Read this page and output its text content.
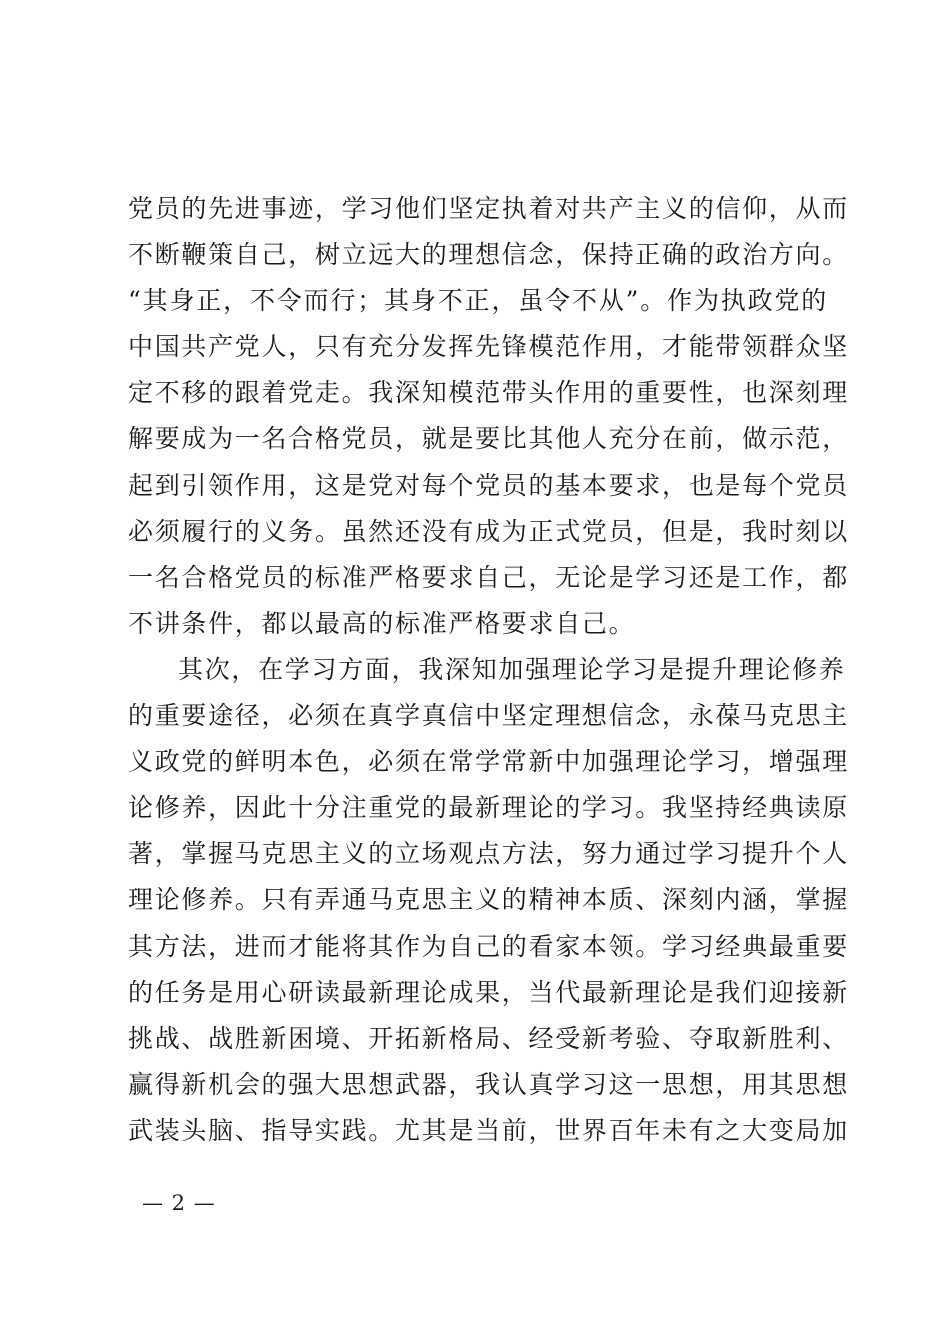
党员的先进事迹，学习他们坚定执着对共产主义的信仰，从而
不断鞭策自己，树立远大的理想信念，保持正确的政治方向。
“其身正，不令而行；其身不正，虽令不从”。作为执政党的
中国共产党人，只有充分发挥先锋模范作用，才能带领群众坚
定不移的跟着党走。我深知模范带头作用的重要性，也深刻理
解要成为一名合格党员，就是要比其他人充分在前，做示范，
起到引领作用，这是党对每个党员的基本要求，也是每个党员
必须履行的义务。虽然还没有成为正式党员，但是，我时刻以
一名合格党员的标准严格要求自己，无论是学习还是工作，都
不讲条件，都以最高的标准严格要求自己。
其次，在学习方面，我深知加强理论学习是提升理论修养
的重要途径，必须在真学真信中坚定理想信念，永葆马克思主
义政党的鲜明本色，必须在常学常新中加强理论学习，增强理
论修养，因此十分注重党的最新理论的学习。我坚持经典读原
著，掌握马克思主义的立场观点方法，努力通过学习提升个人
理论修养。只有弄通马克思主义的精神本质、深刻内涵，掌握
其方法，进而才能将其作为自己的看家本领。学习经典最重要
的任务是用心研读最新理论成果，当代最新理论是我们迎接新
挑战、战胜新困境、开拓新格局、经受新考验、夺取新胜利、
赢得新机会的强大思想武器，我认真学习这一思想，用其思想
武装头脑、指导实践。尤其是当前，世界百年未有之大变局加
— 2 —
